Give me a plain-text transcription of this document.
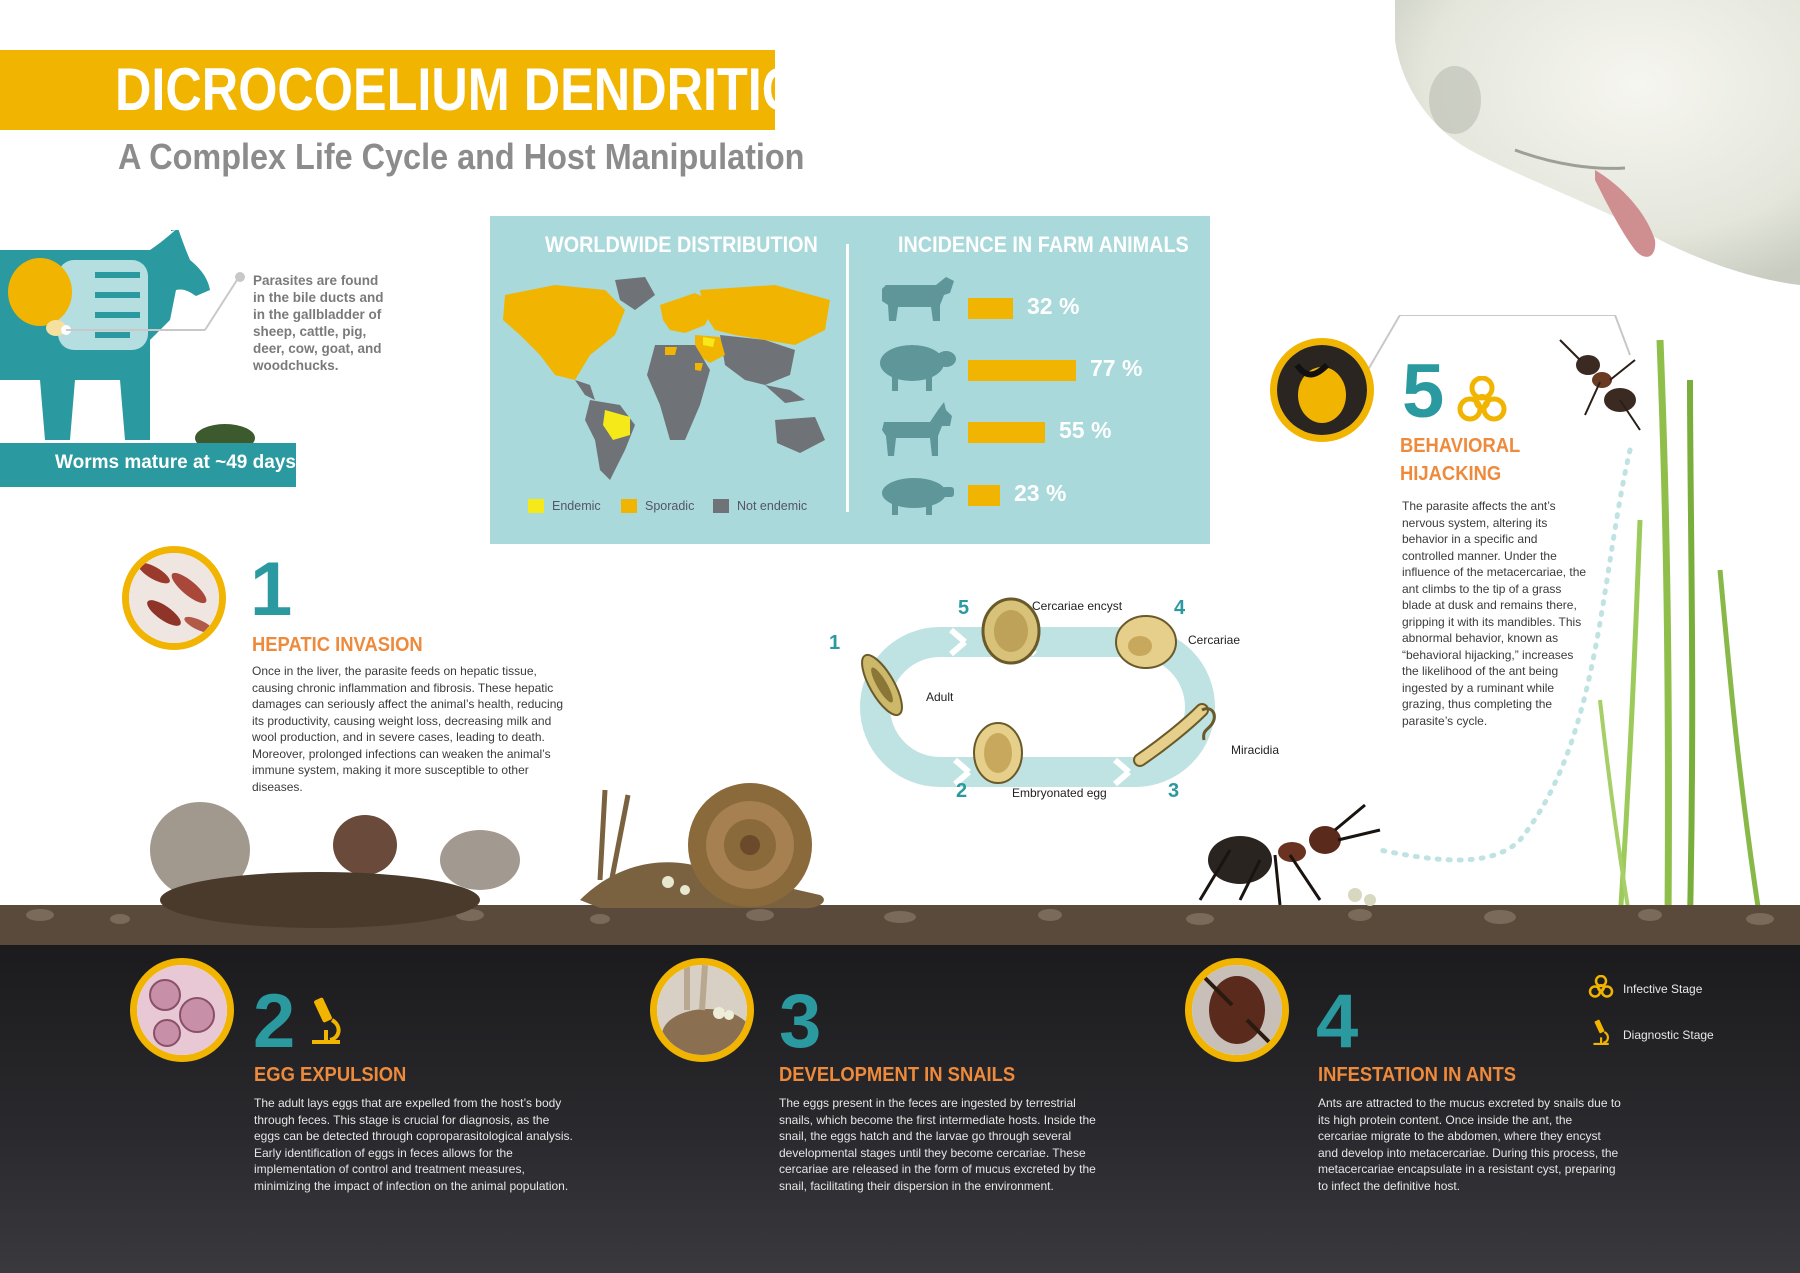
DICROCOELIUM DENDRITICUM
A Complex Life Cycle and Host Manipulation
Parasites are found in the bile ducts and in the gallbladder of sheep, cattle, pig, deer, cow, goat, and woodchucks.
Worms mature at ~49 days
WORLDWIDE DISTRIBUTION	INCIDENCE IN FARM ANIMALS
Endemic	Sporadic	Not endemic
32 %
77 %
55 %
23 %
1
HEPATIC INVASION
Once in the liver, the parasite feeds on hepatic tissue, causing chronic inflammation and fibrosis. These hepatic damages can seriously affect the animal’s health, reducing its productivity, causing weight loss, decreasing milk and wool production, and in severe cases, leading to death. Moreover, prolonged infections can weaken the animal’s immune system, making it more susceptible to other diseases.
1
2	3
4
5
Adult
Embryonated egg
Miracidia
Cercariae
Cercariae encyst
5
BEHAVIORAL
HIJACKING
The parasite affects the ant’s nervous system, altering its behavior in a specific and controlled manner. Under the influence of the metacercariae, the ant climbs to the tip of a grass blade at dusk and remains there, gripping it with its mandibles. This abnormal behavior, known as “behavioral hijacking,” increases the likelihood of the ant being ingested by a ruminant while grazing, thus completing the parasite’s cycle.
2
EGG EXPULSION
The adult lays eggs that are expelled from the host’s body through feces. This stage is crucial for diagnosis, as the eggs can be detected through coproparasitological analysis. Early identification of eggs in feces allows for the implementation of control and treatment measures, minimizing the impact of infection on the animal population.
3
DEVELOPMENT IN SNAILS
The eggs present in the feces are ingested by terrestrial snails, which become the first intermediate hosts. Inside the snail, the eggs hatch and the larvae go through several developmental stages until they become cercariae. These cercariae are released in the form of mucus excreted by the snail, facilitating their dispersion in the environment.
4
INFESTATION IN ANTS
Ants are attracted to the mucus excreted by snails due to its high protein content. Once inside the ant, the cercariae migrate to the abdomen, where they encyst and develop into metacercariae. During this process, the metacercariae encapsulate in a resistant cyst, preparing to infect the definitive host.
Infective Stage
Diagnostic Stage
